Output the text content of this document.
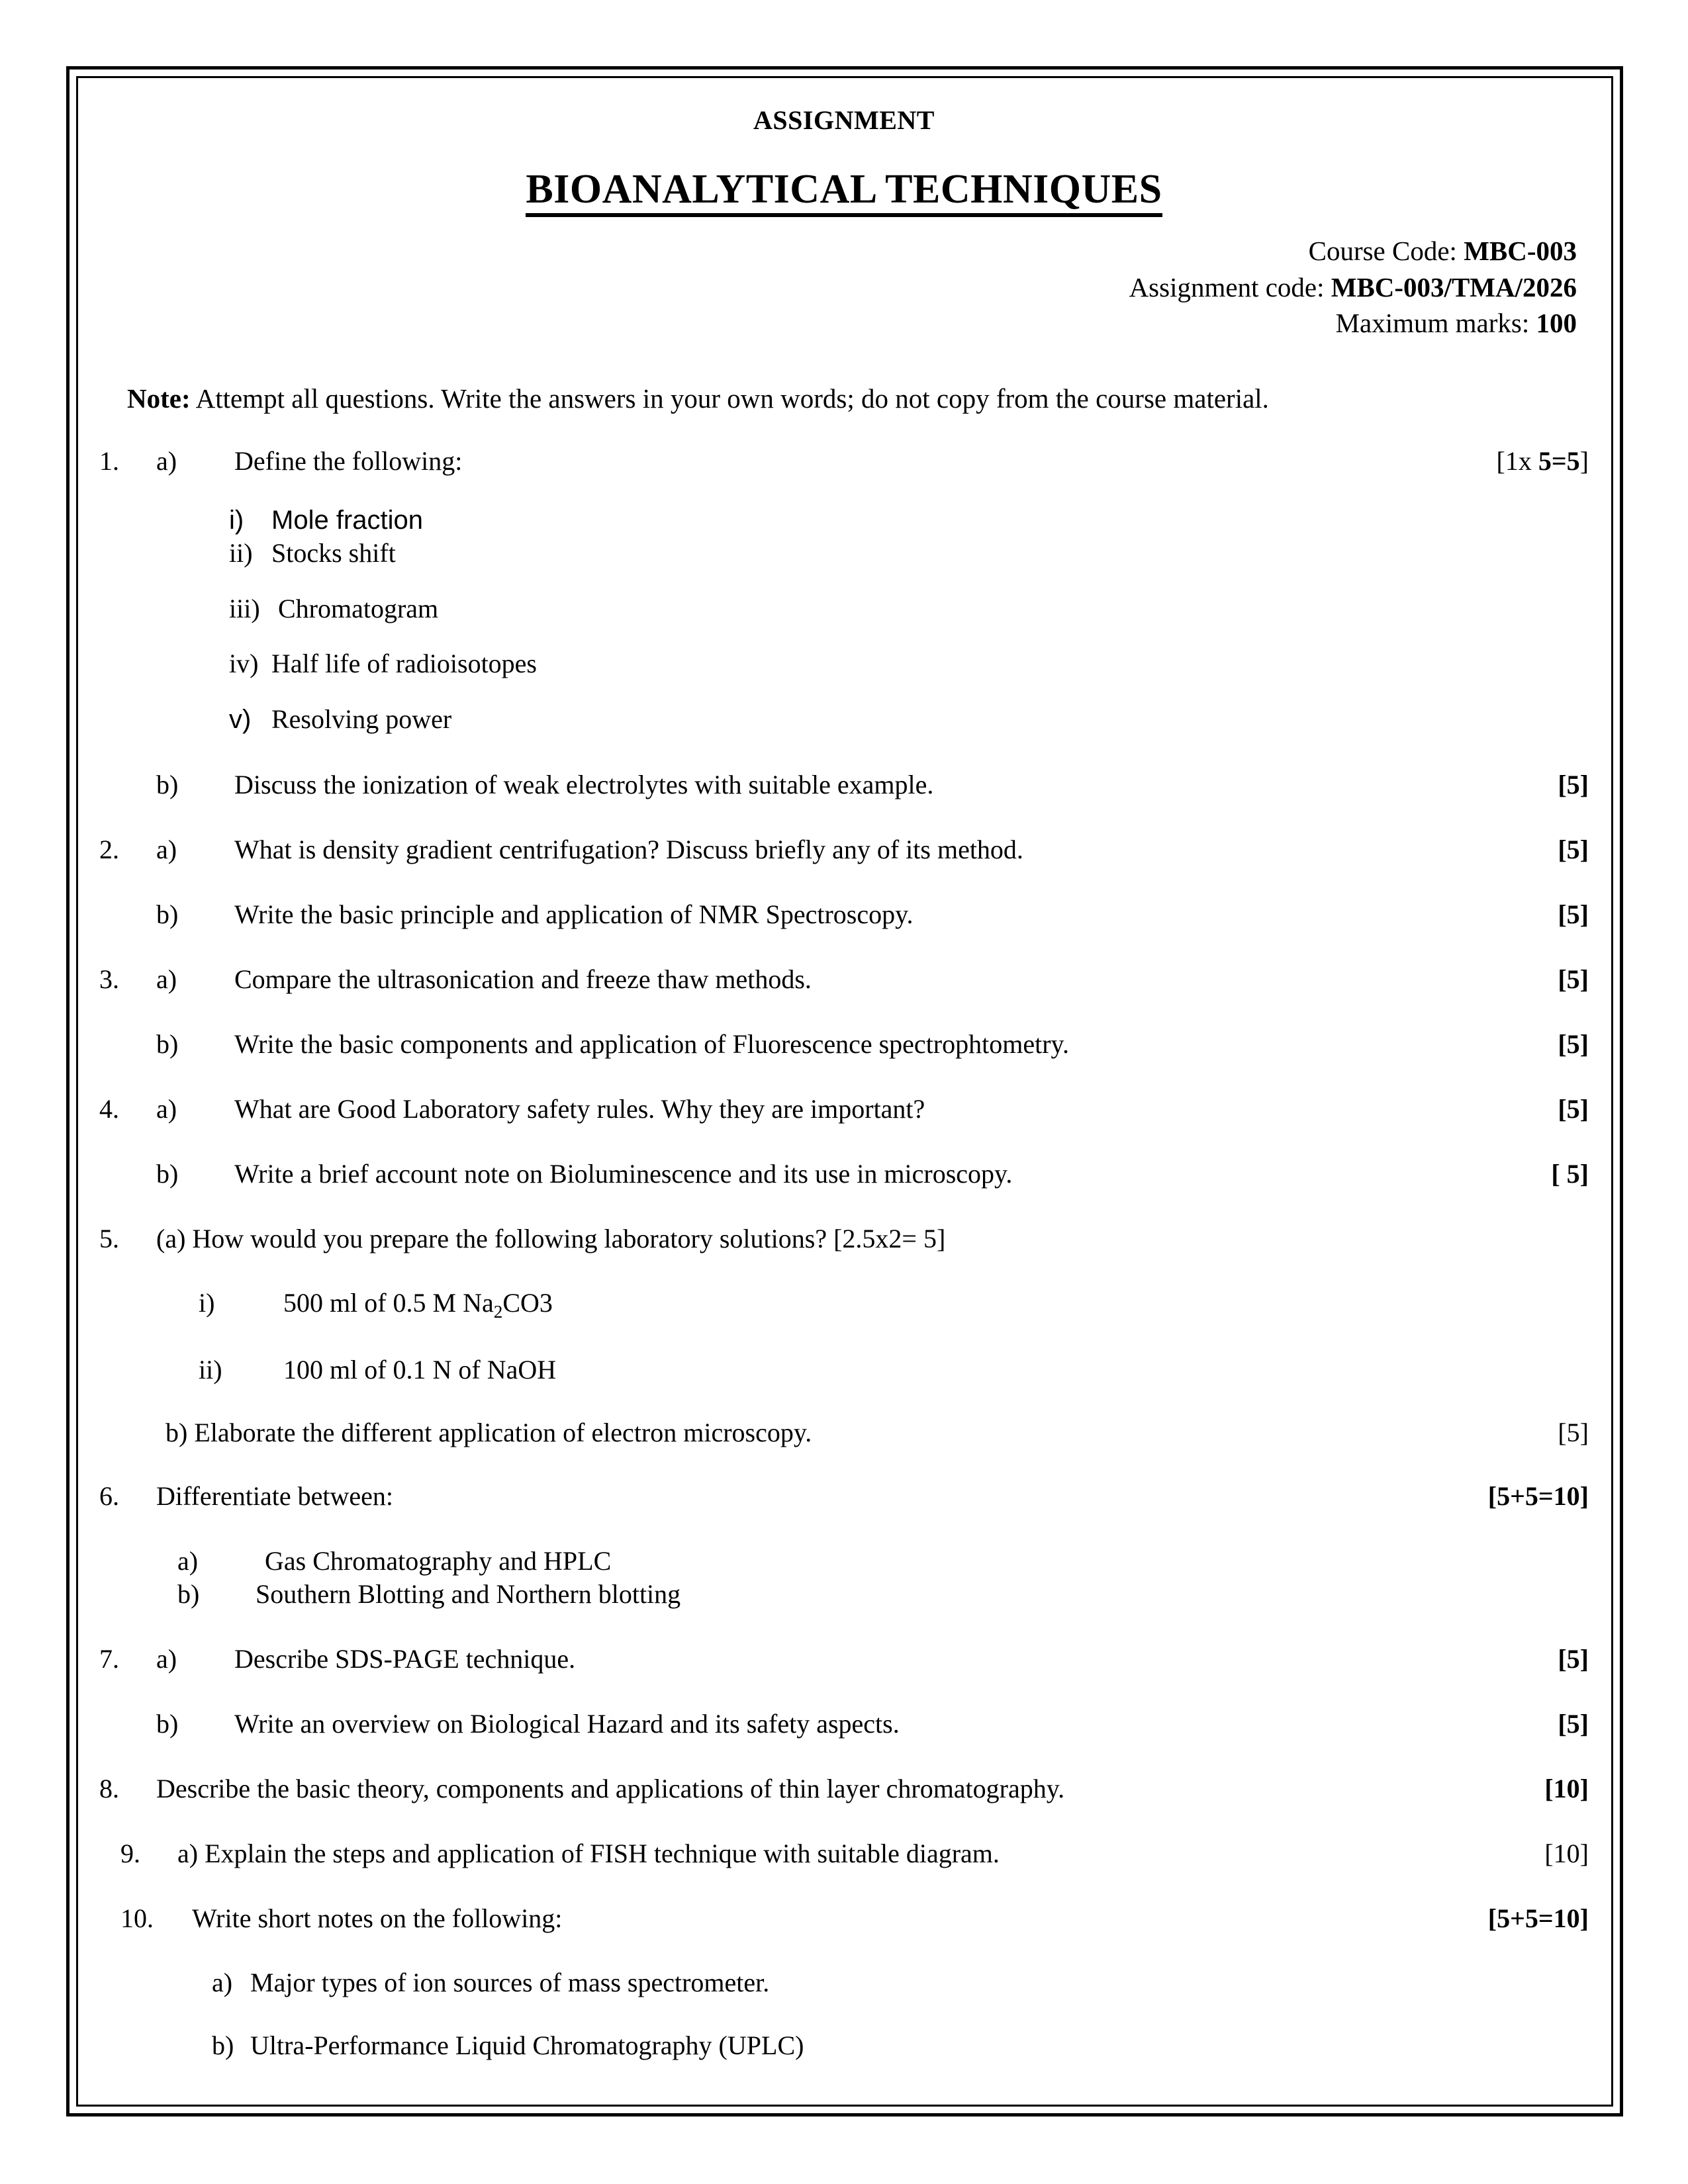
ASSIGNMENT
BIOANALYTICAL TECHNIQUES
Course Code: MBC-003
Assignment code: MBC-003/TMA/2026
Maximum marks: 100
Note: Attempt all questions. Write the answers in your own words; do not copy from the course material.
1.	a)	Define the following:	[1x 5=5]
i)	Mole fraction
ii) Stocks shift
iii) Chromatogram
iv) Half life of radioisotopes
v) Resolving power
b)	Discuss the ionization of weak electrolytes with suitable example.	[5]
2.	a)	What is density gradient centrifugation? Discuss briefly any of its method.	[5]
b)	Write the basic principle and application of NMR Spectroscopy.	[5]
3.	a)	Compare the ultrasonication and freeze thaw methods.	[5]
b)	Write the basic components and application of Fluorescence spectrophtometry.	[5]
4.	a)	What are Good Laboratory safety rules. Why they are important?	[5]
b)	Write a brief account note on Bioluminescence and its use in microscopy.	[ 5]
5.	(a) How would you prepare the following laboratory solutions? [2.5x2= 5]
i)	500 ml of 0.5 M $Na_2CO3$
ii)	100 ml of 0.1 N of NaOH
b) Elaborate the different application of electron microscopy.	[5]
6.	Differentiate between:	[5+5=10]
a)	Gas Chromatography and HPLC
b)	Southern Blotting and Northern blotting
7.	a)	Describe SDS-PAGE technique.	[5]
b)	Write an overview on Biological Hazard and its safety aspects.	[5]
8.	Describe the basic theory, components and applications of thin layer chromatography.	[10]
9.	a) Explain the steps and application of FISH technique with suitable diagram.	[10]
10.	Write short notes on the following:	[5+5=10]
a) Major types of ion sources of mass spectrometer.
b) Ultra-Performance Liquid Chromatography (UPLC)
